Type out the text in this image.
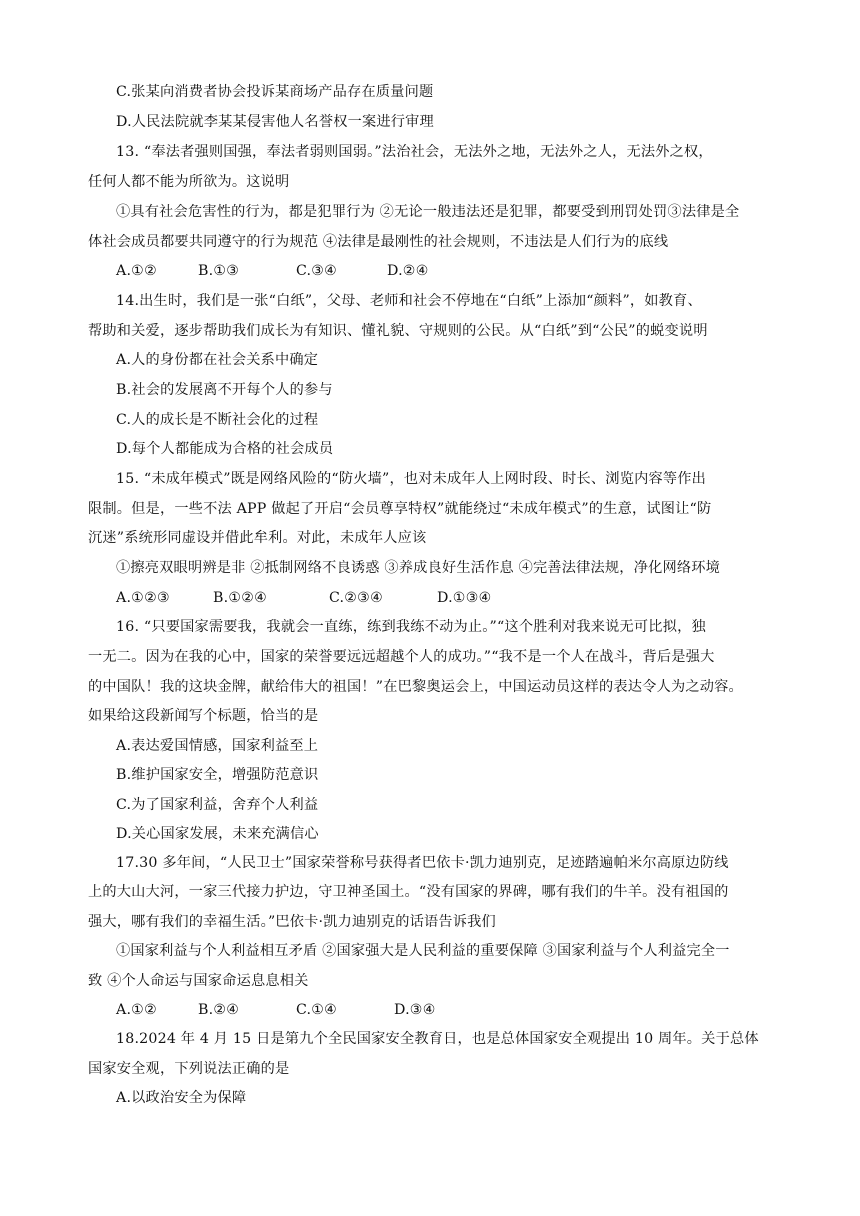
C.张某向消费者协会投诉某商场产品存在质量问题
D.人民法院就李某某侵害他人名誉权一案进行审理
13. “奉法者强则国强，奉法者弱则国弱。”法治社会，无法外之地，无法外之人，无法外之权，
任何人都不能为所欲为。这说明
①具有社会危害性的行为，都是犯罪行为 ②无论一般违法还是犯罪，都要受到刑罚处罚③法律是全
体社会成员都要共同遵守的行为规范 ④法律是最刚性的社会规则，不违法是人们行为的底线
A.①②	B.①③	C.③④	D.②④
14.出生时，我们是一张“白纸”，父母、老师和社会不停地在“白纸”上添加“颜料”，如教育、
帮助和关爱，逐步帮助我们成长为有知识、懂礼貌、守规则的公民。从“白纸”到“公民”的蜕变说明
A.人的身份都在社会关系中确定
B.社会的发展离不开每个人的参与
C.人的成长是不断社会化的过程
D.每个人都能成为合格的社会成员
15. “未成年模式”既是网络风险的“防火墙”，也对未成年人上网时段、时长、浏览内容等作出
限制。但是，一些不法 APP 做起了开启“会员尊享特权”就能绕过“未成年模式”的生意，试图让“防
沉迷”系统形同虚设并借此牟利。对此，未成年人应该
①擦亮双眼明辨是非 ②抵制网络不良诱惑 ③养成良好生活作息 ④完善法律法规，净化网络环境
A.①②③	B.①②④	C.②③④	D.①③④
16. “只要国家需要我，我就会一直练，练到我练不动为止。”“这个胜利对我来说无可比拟，独
一无二。因为在我的心中，国家的荣誉要远远超越个人的成功。”“我不是一个人在战斗，背后是强大
的中国队！我的这块金牌，献给伟大的祖国！”在巴黎奥运会上，中国运动员这样的表达令人为之动容。
如果给这段新闻写个标题，恰当的是
A.表达爱国情感，国家利益至上
B.维护国家安全，增强防范意识
C.为了国家利益，舍弃个人利益
D.关心国家发展，未来充满信心
17.30 多年间，“人民卫士”国家荣誉称号获得者巴依卡·凯力迪别克，足迹踏遍帕米尔高原边防线
上的大山大河，一家三代接力护边，守卫神圣国土。“没有国家的界碑，哪有我们的牛羊。没有祖国的
强大，哪有我们的幸福生活。”巴依卡·凯力迪别克的话语告诉我们
①国家利益与个人利益相互矛盾 ②国家强大是人民利益的重要保障 ③国家利益与个人利益完全一
致 ④个人命运与国家命运息息相关
A.①②	B.②④	C.①④	D.③④
18.2024 年 4 月 15 日是第九个全民国家安全教育日，也是总体国家安全观提出 10 周年。关于总体
国家安全观，下列说法正确的是
A.以政治安全为保障
